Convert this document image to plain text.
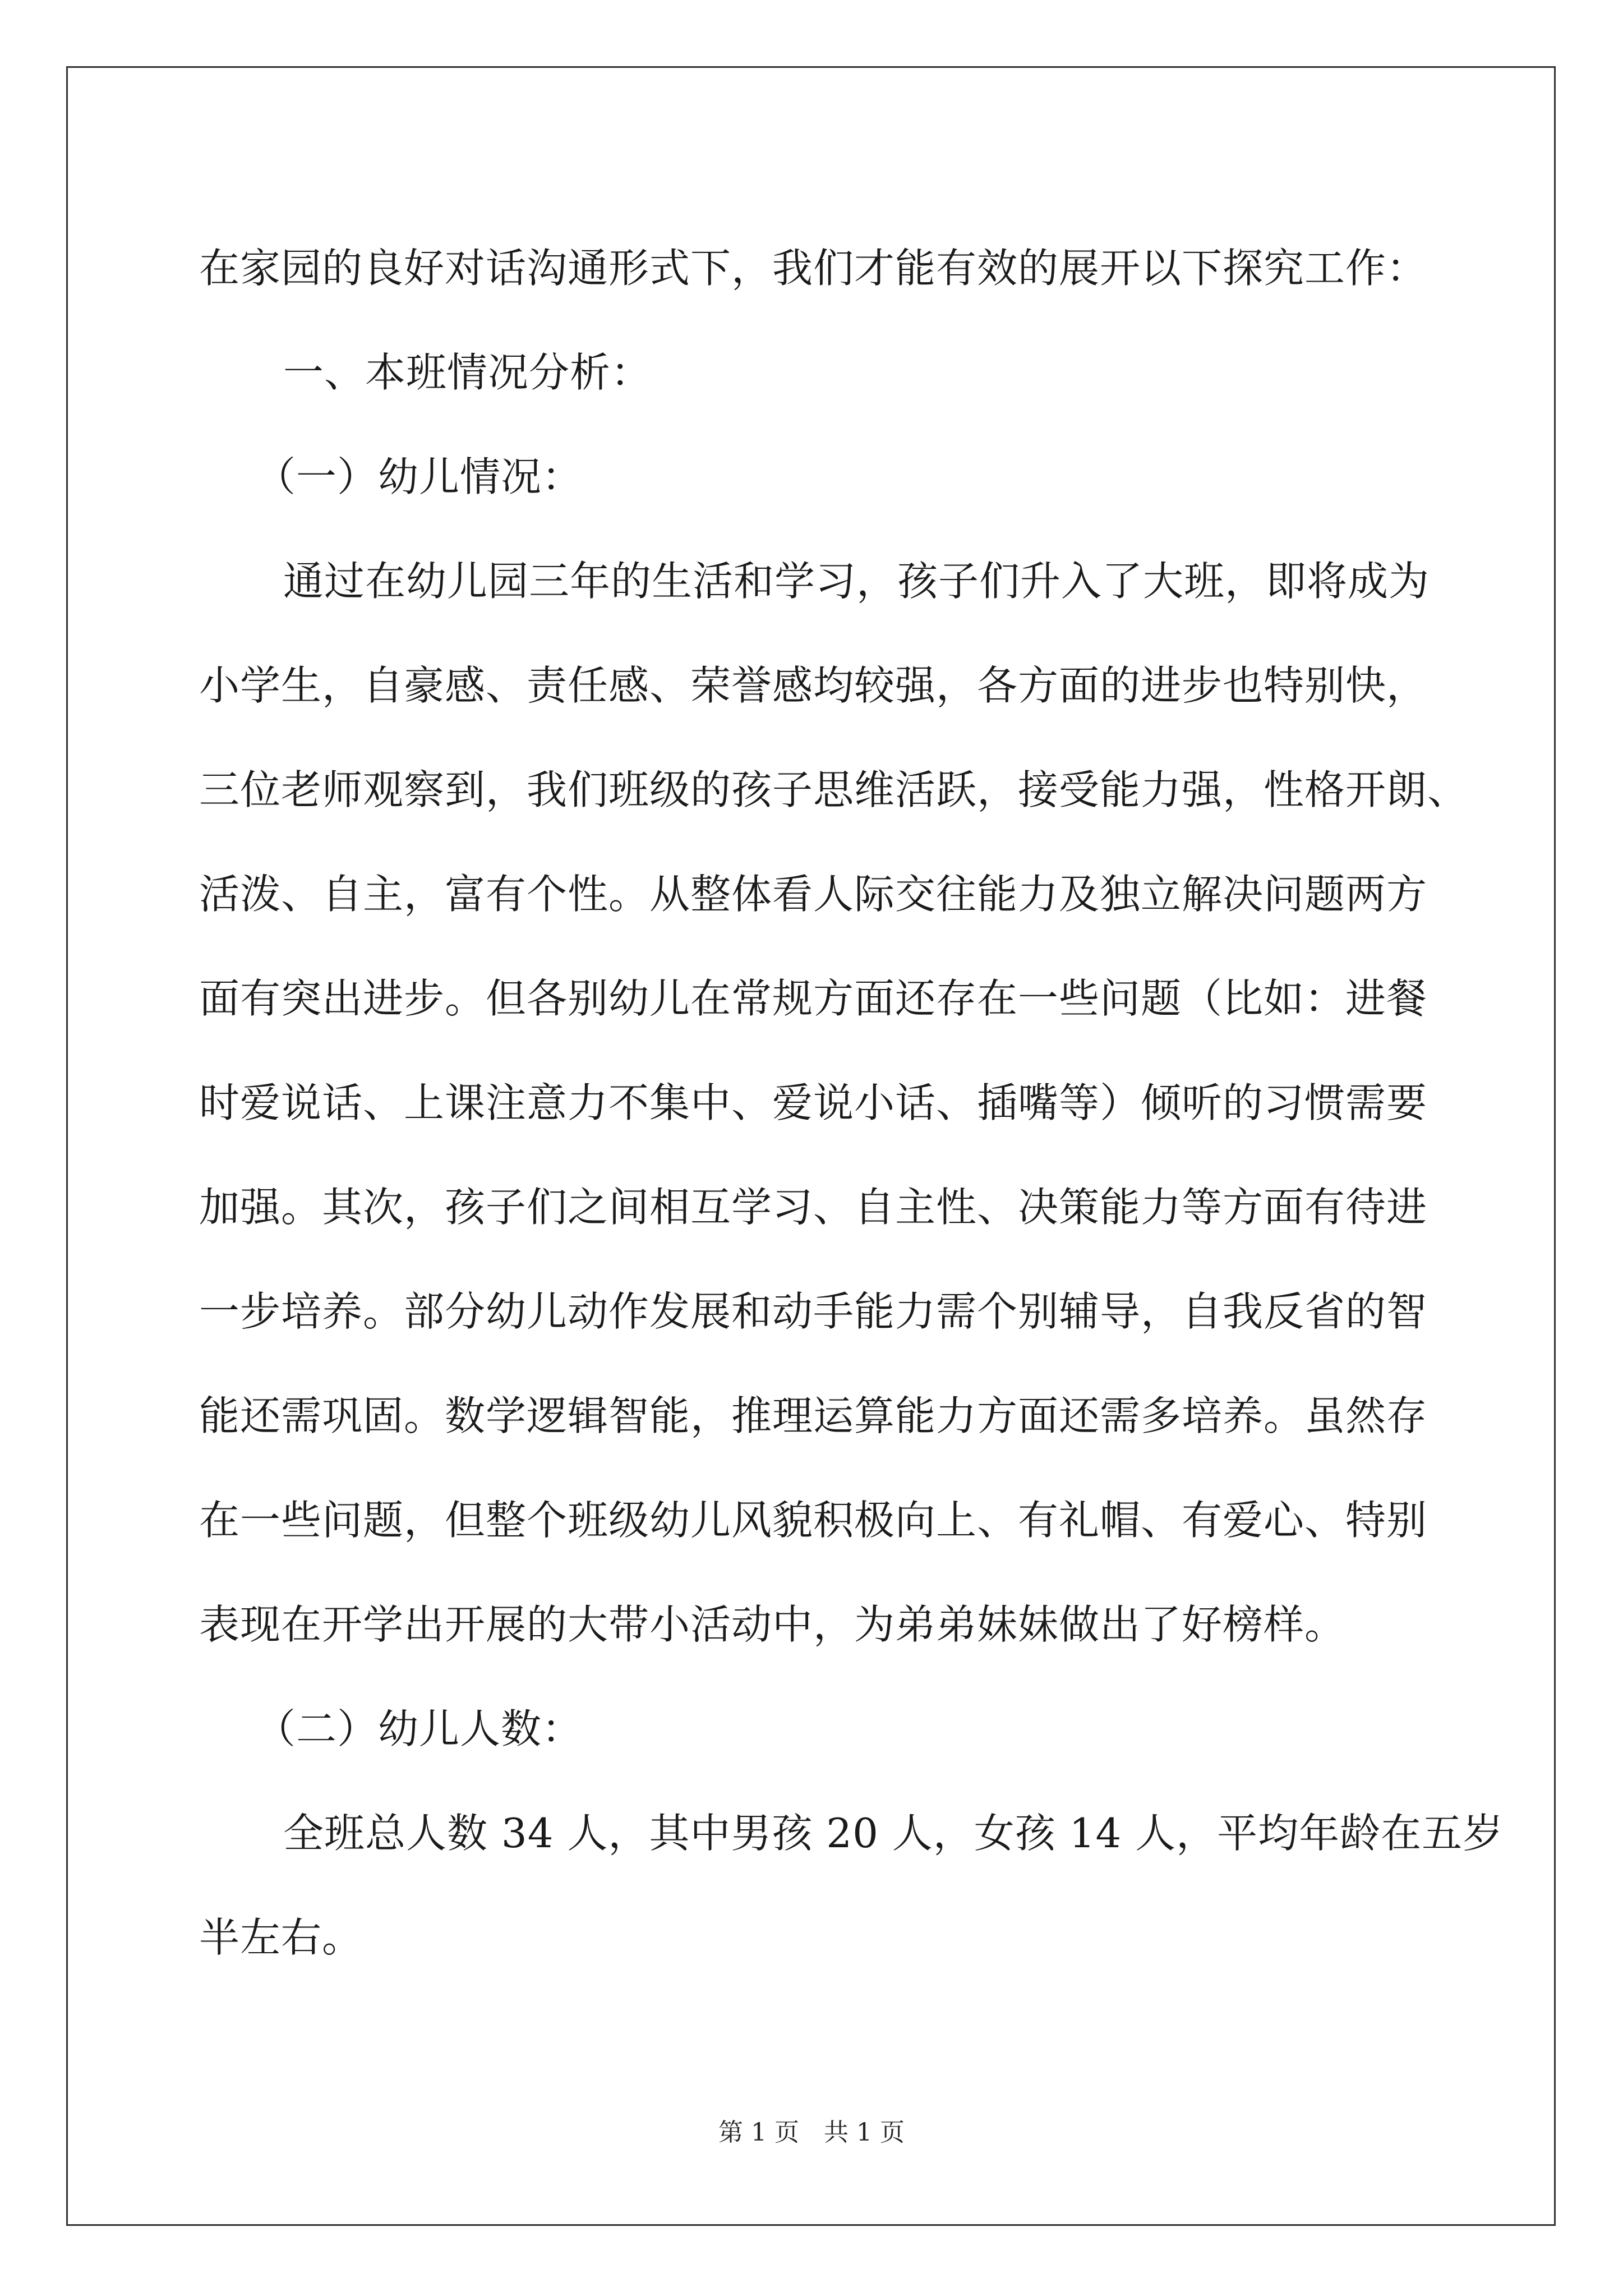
在家园的良好对话沟通形式下，我们才能有效的展开以下探究工作：
一、本班情况分析：
（一）幼儿情况：
通过在幼儿园三年的生活和学习，孩子们升入了大班，即将成为
小学生，自豪感、责任感、荣誉感均较强，各方面的进步也特别快，
三位老师观察到，我们班级的孩子思维活跃，接受能力强，性格开朗、
活泼、自主，富有个性。从整体看人际交往能力及独立解决问题两方
面有突出进步。但各别幼儿在常规方面还存在一些问题（比如：进餐
时爱说话、上课注意力不集中、爱说小话、插嘴等）倾听的习惯需要
加强。其次，孩子们之间相互学习、自主性、决策能力等方面有待进
一步培养。部分幼儿动作发展和动手能力需个别辅导，自我反省的智
能还需巩固。数学逻辑智能，推理运算能力方面还需多培养。虽然存
在一些问题，但整个班级幼儿风貌积极向上、有礼帽、有爱心、特别
表现在开学出开展的大带小活动中，为弟弟妹妹做出了好榜样。
（二）幼儿人数：
全班总人数 34 人，其中男孩 20 人，女孩 14 人，平均年龄在五岁
半左右。
第 1 页　共 1 页
